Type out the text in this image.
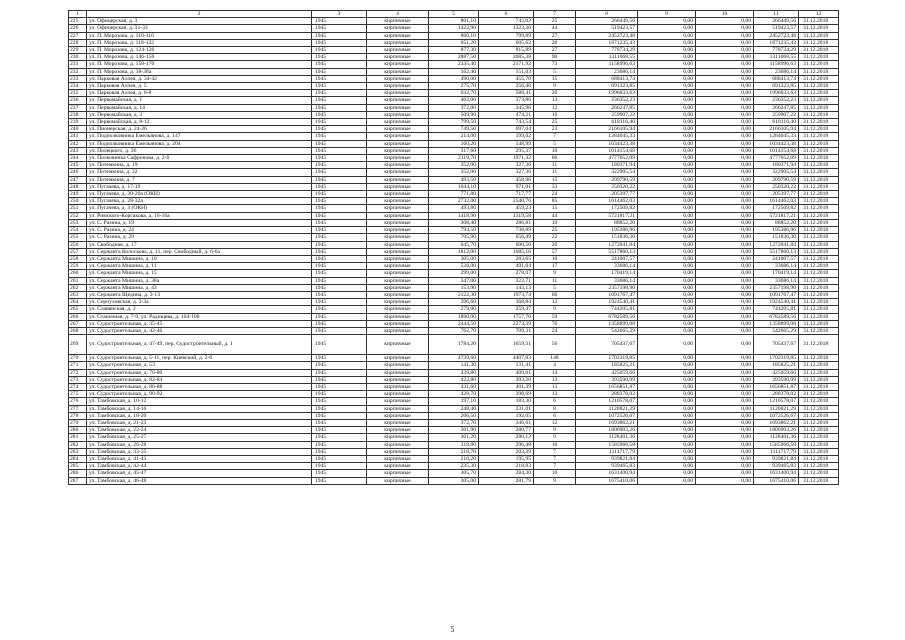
1	2	3	4	5	6	7	8	9	10	11	12
225	ул. Офицерская, д. 3	1945	кирпичные	801,10	745,02	25	266449,56	0,00	0,00	266449,56	31.12.2018
226	ул. Офицерская, д. 31-33	1945	кирпичные	1422,90	1323,30	44	519423,57	0,00	0,00	519423,57	31.12.2018
227	ул. П. Морозова, д. 110-116	1945	кирпичные	860,10	799,89	27	2452723,48	0,00	0,00	2452723,48	31.12.2018
228	ул. П. Морозова, д. 118-122	1945	кирпичные	651,20	605,62	20	1871235,43	0,00	0,00	1871235,43	31.12.2018
229	ул. П. Морозова, д. 124-126	1945	кирпичные	877,30	815,89	27	778734,29	0,00	0,00	778734,29	31.12.2018
230	ул. П. Морозова, д. 146-156	1945	кирпичные	2887,50	2685,38	90	1311068,55	0,00	0,00	1311068,55	31.12.2018
231	ул. П. Морозова, д. 158-170	1945	кирпичные	2335,40	2171,92	73	1158996,63	0,00	0,00	1158996,63	31.12.2018
232	ул. П. Морозова, д. 38-38а	1945	кирпичные	162,40	151,03	5	23686,14	0,00	0,00	23686,14	31.12.2018
233	ул. Парковая Аллея, д. 34-42	1945	кирпичные	490,00	455,70	15	688413,74	0,00	0,00	688413,74	31.12.2018
234	ул. Парковая Аллея, д. 5	1945	кирпичные	275,70	256,40	9	691323,85	0,00	0,00	691323,85	31.12.2018
235	ул. Парковая Аллея, д. 6-8	1945	кирпичные	632,70	588,41	20	1996033,63	0,00	0,00	1996033,63	31.12.2018
236	ул. Первомайская, д. 1	1945	кирпичные	402,00	373,86	13	236352,23	0,00	0,00	236352,23	31.12.2018
237	ул. Первомайская, д. 14	1945	кирпичные	372,00	345,96	12	266247,85	0,00	0,00	266247,85	31.12.2018
238	ул. Первомайская, д. 3	1945	кирпичные	509,90	474,21	16	259907,22	0,00	0,00	259907,22	31.12.2018
239	ул. Первомайская, д. 8-12	1945	кирпичные	799,50	743,54	25	618116,40	0,00	0,00	618116,40	31.12.2018
240	ул. Пионерская, д. 24-26	1945	кирпичные	749,50	697,04	23	2166105,94	0,00	0,00	2166105,94	31.12.2018
241	ул. Подполковника Емельянова, д. 147	1945	кирпичные	214,00	199,02	7	1284045,33	0,00	0,00	1284045,33	31.12.2018
242	ул. Подполковника Емельянова, д. 204	1945	кирпичные	160,20	148,99	5	1034423,38	0,00	0,00	1034423,38	31.12.2018
243	ул. Полецкого, д. 36	1945	кирпичные	317,60	295,37	10	1014154,68	0,00	0,00	1014154,68	31.12.2018
244	ул. Полковника Сафронова, д. 2-6	1945	кирпичные	2119,70	1971,32	66	4777652,09	0,00	0,00	4777652,09	31.12.2018
245	ул. Потемкина, д. 19	1945	кирпичные	352,00	327,36	11	180371,94	0,00	0,00	180371,94	31.12.2018
246	ул. Потемкина, д. 22	1945	кирпичные	352,00	327,36	11	322905,54	0,00	0,00	322905,54	31.12.2018
247	ул. Потемкина, д. 7	1945	кирпичные	493,50	458,96	15	209790,59	0,00	0,00	209790,59	31.12.2018
248	ул. Пугачева, д. 17-19	1945	кирпичные	1044,10	971,01	33	250320,22	0,00	0,00	250320,22	31.12.2018
249	ул. Пугачева, д. 20-20а (ОКН)	1945	кирпичные	771,80	717,77	24	205397,77	0,00	0,00	205397,77	31.12.2018
250	ул. Пугачева, д. 28-32а	1945	кирпичные	2732,00	2540,76	85	1614462,03	0,00	0,00	1614462,03	31.12.2018
251	ул. Пугачева, д. 3 (ОКН)	1945	кирпичные	493,80	459,23	15	172509,82	0,00	0,00	172509,82	31.12.2018
252	ул. Римского-Корсакова, д. 16-16а	1945	кирпичные	1418,90	1319,58	44	5721817,21	0,00	0,00	5721817,21	31.12.2018
253	ул. С. Разина, д. 19	1945	кирпичные	308,40	286,81	10	88852,20	0,00	0,00	88852,20	31.12.2018
254	ул. С. Разина, д. 24	1945	кирпичные	794,50	738,89	25	195386,96	0,00	0,00	195386,96	31.12.2018
255	ул. С. Разина, д. 29	1945	кирпичные	705,90	656,49	22	151836,30	0,00	0,00	151836,30	31.12.2018
256	ул. Свободная, д. 17	1945	кирпичные	645,70	600,50	20	1272041,84	0,00	0,00	1272041,84	31.12.2018
257	ул. Сержанта Колоскова, д. 11, пер. Свободный, д. 6-6а	1945	кирпичные	1812,00	1685,16	57	5517860,13	0,00	0,00	5517860,13	31.12.2018
258	ул. Сержанта Мишина, д. 10	1945	кирпичные	305,00	283,65	10	241007,57	0,00	0,00	241007,57	31.12.2018
259	ул. Сержанта Мишина, д. 11	1945	кирпичные	528,00	491,04	17	33686,14	0,00	0,00	33686,14	31.12.2018
260	ул. Сержанта Мишина, д. 15	1945	кирпичные	299,00	278,07	9	170419,14	0,00	0,00	170419,14	31.12.2018
261	ул. Сержанта Мишина, д. 38а	1945	кирпичные	347,00	322,71	11	33686,14	0,00	0,00	33686,14	31.12.2018
262	ул. Сержанта Мишина, д. 43	1945	кирпичные	153,90	143,13	5	2357198,90	0,00	0,00	2357198,90	31.12.2018
263	ул. Сержанта Щедина, д. 3-13	1945	кирпичные	2122,30	1973,74	66	1091767,47	0,00	0,00	1091767,47	31.12.2018
264	ул. Серпуховская, д. 3-3а	1945	кирпичные	396,60	368,84	12	1924540,41	0,00	0,00	1924540,41	31.12.2018
265	ул. Славянская, д. 2	1945	кирпичные	279,00	259,47	9	744205,81	0,00	0,00	744205,81	31.12.2018
266	ул. Станочная, д. 7-9, ул. Радищева, д. 104-106	1945	кирпичные	1890,00	1757,70	59	6782589,56	0,00	0,00	6782589,56	31.12.2018
267	ул. Судостроительная, д. 35-45	1945	кирпичные	2444,50	2273,39	76	1358899,08	0,00	0,00	1358899,08	31.12.2018
268	ул. Судостроительная, д. 42-46	1945	кирпичные	762,70	709,31	24	542665,29	0,00	0,00	542665,29	31.12.2018
269	ул. Судостроительная, д. 47-49, пер. Судостроительный, д. 1	1945	кирпичные	1784,20	1659,31	56	705437,67	0,00	0,00	705437,67	31.12.2018
270	ул. Судостроительная, д. 5-11, пер. Киевский, д. 2-6	1945	кирпичные	4739,60	4407,83	148	1702319,85	0,00	0,00	1702319,85	31.12.2018
271	ул. Судостроительная, д. 53	1945	кирпичные	141,30	131,41	4	185825,21	0,00	0,00	185825,21	31.12.2018
272	ул. Судостроительная, д. 76-80	1945	кирпичные	439,80	409,01	14	425059,66	0,00	0,00	425059,66	31.12.2018
273	ул. Судостроительная, д. 82-84	1945	кирпичные	422,80	393,20	13	393590,99	0,00	0,00	393590,99	31.12.2018
274	ул. Судостроительная, д. 86-88	1945	кирпичные	431,60	401,39	13	1656851,87	0,00	0,00	1656851,87	31.12.2018
275	ул. Судостроительная, д. 90-92	1945	кирпичные	428,70	398,69	13	288378,02	0,00	0,00	288378,02	31.12.2018
276	ул. Тамбовская, д. 10-12	1945	кирпичные	197,10	183,30	6	1210578,07	0,00	0,00	1210578,07	31.12.2018
277	ул. Тамбовская, д. 14-16	1945	кирпичные	248,40	231,01	8	1120821,29	0,00	0,00	1120821,29	31.12.2018
278	ул. Тамбовская, д. 18-20	1945	кирпичные	206,50	192,05	6	1072526,67	0,00	0,00	1072526,67	31.12.2018
279	ул. Тамбовская, д. 21-23	1945	кирпичные	372,70	346,61	12	1693862,21	0,00	0,00	1693862,21	31.12.2018
280	ул. Тамбовская, д. 22-24	1945	кирпичные	301,90	280,77	9	1806903,26	0,00	0,00	1806903,26	31.12.2018
281	ул. Тамбовская, д. 25-27	1945	кирпичные	301,20	280,12	9	1128401,36	0,00	0,00	1128401,36	31.12.2018
282	ул. Тамбовская, д. 26-28	1945	кирпичные	318,80	296,48	10	1585966,58	0,00	0,00	1585966,58	31.12.2018
283	ул. Тамбовская, д. 33-35	1945	кирпичные	218,70	203,39	7	1111717,79	0,00	0,00	1111717,79	31.12.2018
284	ул. Тамбовская, д. 41-43	1945	кирпичные	210,20	195,95	7	939821,84	0,00	0,00	939821,84	31.12.2018
285	ул. Тамбовская, д. 42-44	1945	кирпичные	235,30	218,83	7	939465,83	0,00	0,00	939465,83	31.12.2018
286	ул. Тамбовская, д. 45-47	1945	кирпичные	305,70	284,30	10	1631400,94	0,00	0,00	1631400,94	31.12.2018
287	ул. Тамбовская, д. 46-48	1945	кирпичные	305,00	281,79	9	1675410,06	0,00	0,00	1675410,06	31.12.2018
5
